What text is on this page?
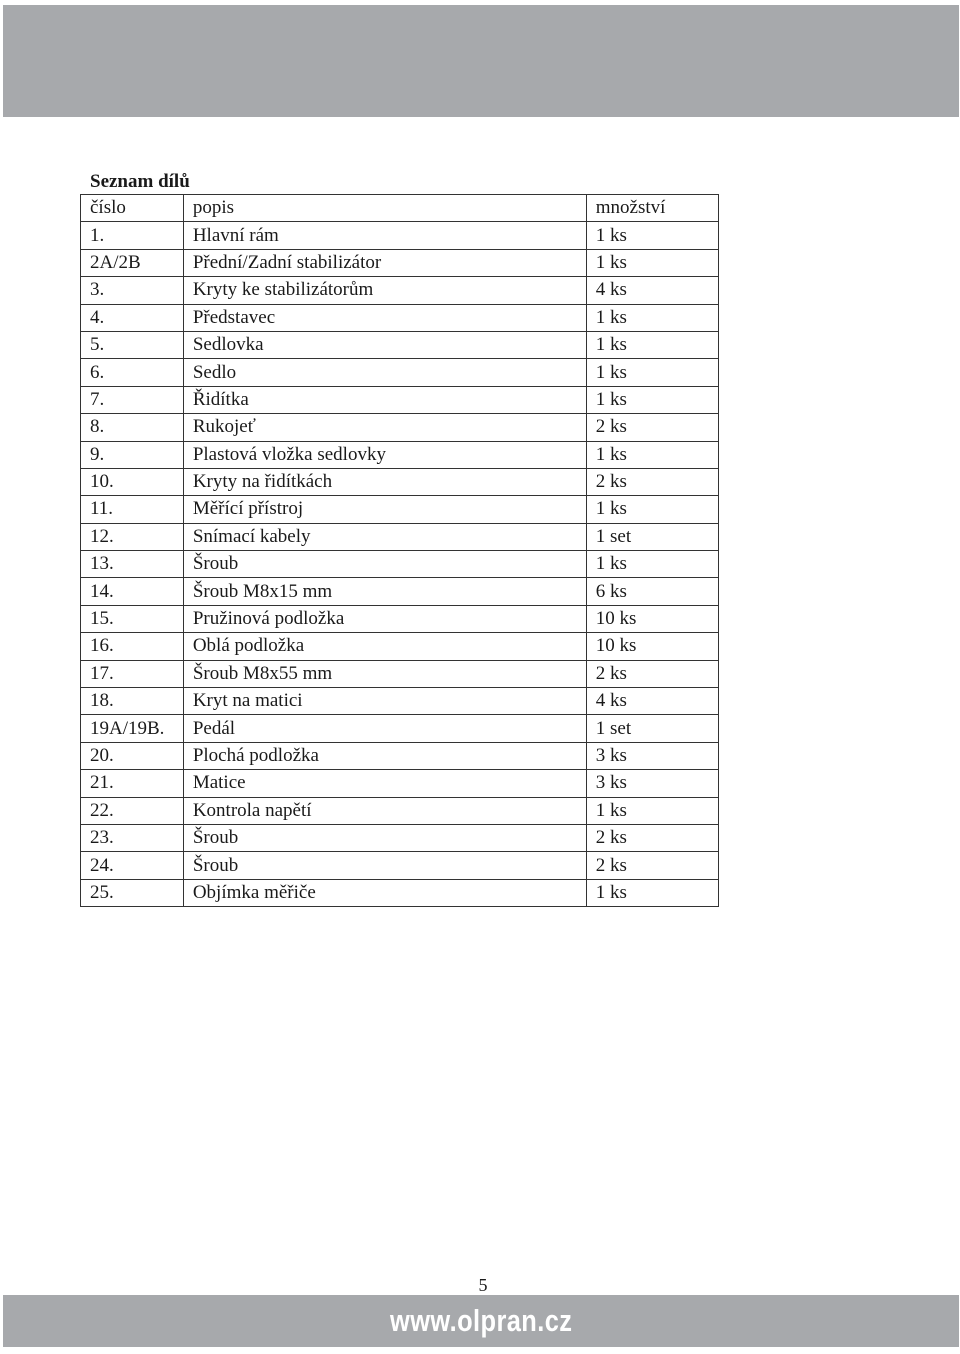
Seznam dílů
číslo	popis	množství
1.	Hlavní rám	1 ks
2A/2B	Přední/Zadní stabilizátor	1 ks
3.	Kryty ke stabilizátorům	4 ks
4.	Představec	1 ks
5.	Sedlovka	1 ks
6.	Sedlo	1 ks
7.	Řidítka	1 ks
8.	Rukojeť	2 ks
9.	Plastová vložka sedlovky	1 ks
10.	Kryty na řidítkách	2 ks
11.	Měřící přístroj	1 ks
12.	Snímací kabely	1 set
13.	Šroub	1 ks
14.	Šroub M8x15 mm	6 ks
15.	Pružinová podložka	10 ks
16.	Oblá podložka	10 ks
17.	Šroub M8x55 mm	2 ks
18.	Kryt na matici	4 ks
19A/19B.	Pedál	1 set
20.	Plochá podložka	3 ks
21.	Matice	3 ks
22.	Kontrola napětí	1 ks
23.	Šroub	2 ks
24.	Šroub	2 ks
25.	Objímka měřiče	1 ks
5
www.olpran.cz
